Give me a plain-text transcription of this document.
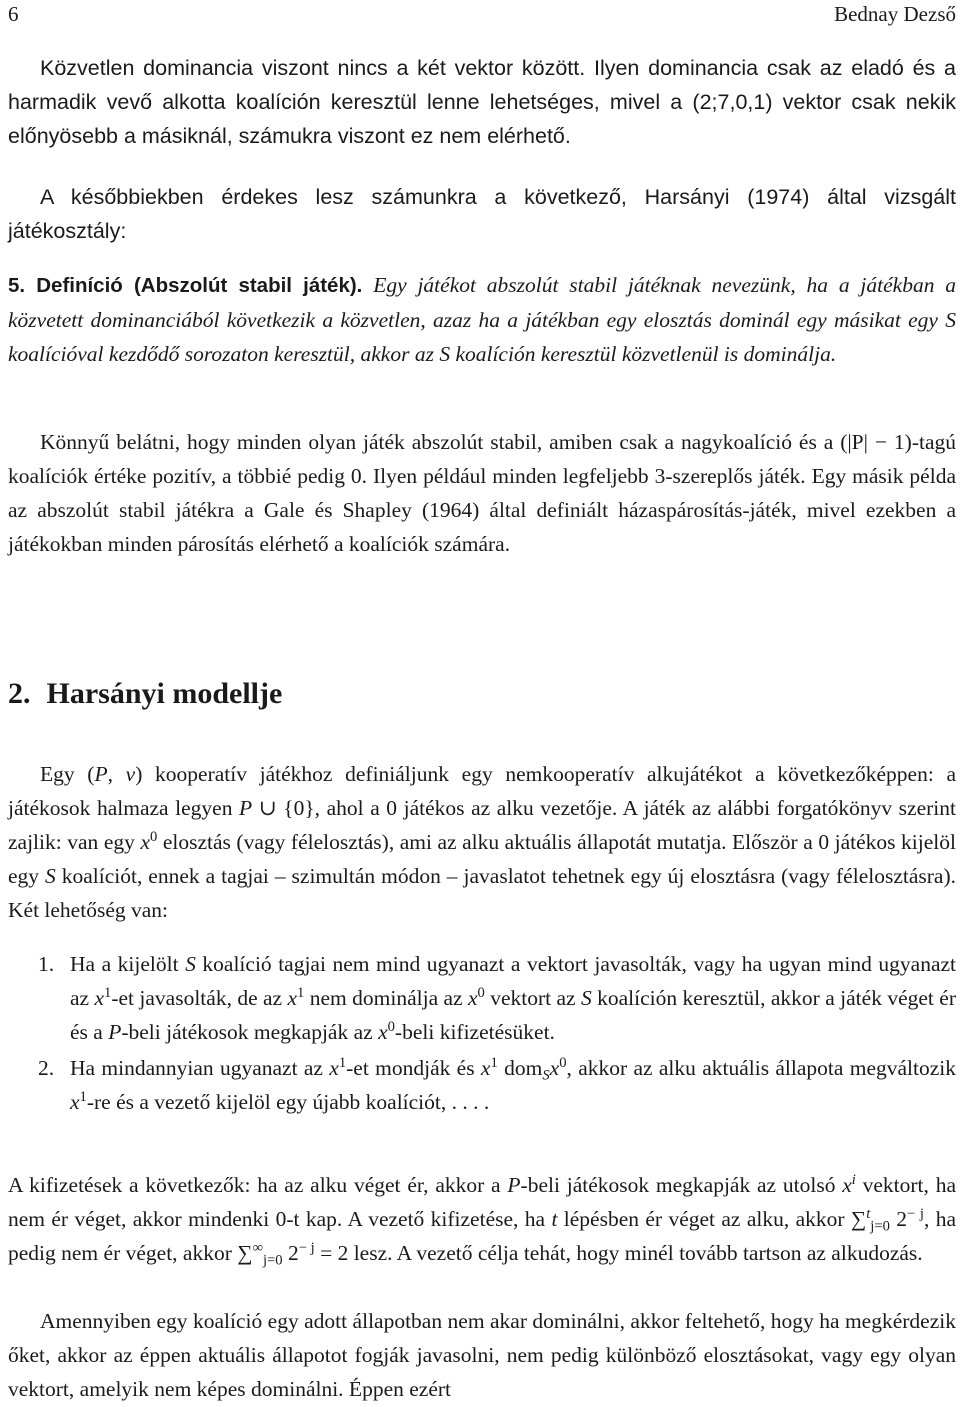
6	Bednay Dezső

Közvetlen dominancia viszont nincs a két vektor között. Ilyen dominancia csak az eladó és a harmadik vevő alkotta koalíción keresztül lenne lehetséges, mivel a (2;7,0,1) vektor csak nekik előnyösebb a másiknál, számukra viszont ez nem elérhető.

A későbbiekben érdekes lesz számunkra a következő, Harsányi (1974) által vizsgált játékosztály:

5. Definíció (Abszolút stabil játék). Egy játékot abszolút stabil játéknak nevezünk, ha a játékban a közvetett dominanciából következik a közvetlen, azaz ha a játékban egy elosztás dominál egy másikat egy S koalícióval kezdődő sorozaton keresztül, akkor az S koalíción keresztül közvetlenül is dominálja.

Könnyű belátni, hogy minden olyan játék abszolút stabil, amiben csak a nagykoalíció és a (|P| − 1)-tagú koalíciók értéke pozitív, a többié pedig 0. Ilyen például minden legfeljebb 3-szereplős játék. Egy másik példa az abszolút stabil játékra a Gale és Shapley (1964) által definiált házaspárosítás-játék, mivel ezekben a játékokban minden párosítás elérhető a koalíciók számára.

2. Harsányi modellje

Egy (P, v) kooperatív játékhoz definiáljunk egy nemkooperatív alkujátékot a következőképpen: a játékosok halmaza legyen P ∪ {0}, ahol a 0 játékos az alku vezetője. A játék az alábbi forgatókönyv szerint zajlik: van egy $x^0$ elosztás (vagy félelosztás), ami az alku aktuális állapotát mutatja. Először a 0 játékos kijelöl egy S koalíciót, ennek a tagjai – szimultán módon – javaslatot tehetnek egy új elosztásra (vagy félelosztásra). Két lehetőség van:

1. Ha a kijelölt S koalíció tagjai nem mind ugyanazt a vektort javasolták, vagy ha ugyan mind ugyanazt az $x^1-et$ javasolták, de az $x^1$ nem dominálja az $x^0$ vektort az S koalíción keresztül, akkor a játék véget ér és a P-beli játékosok megkapják az $x^0$-beli kifizetésüket.
2. Ha mindannyian ugyanazt az $x^1-et$ mondják és $x^1$ $dom_Sx^0$, akkor az alku aktuális állapota megváltozik $x^1-re$ és a vezető kijelöl egy újabb koalíciót, . . . .

A kifizetések a következők: ha az alku véget ér, akkor a P-beli játékosok megkapják az utolsó $x^i$ vektort, ha nem ér véget, akkor mindenki 0-t kap. A vezető kifizetése, ha t lépésben ér véget az alku, akkor ∑$^t_{j=0}$ $2^{- j}$, ha pedig nem ér véget, akkor $\sum^\infty_{j=0}$ $2^{- j} = 2$ lesz. A vezető célja tehát, hogy minél tovább tartson az alkudozás.

Amennyiben egy koalíció egy adott állapotban nem akar dominálni, akkor feltehető, hogy ha megkérdezik őket, akkor az éppen aktuális állapotot fogják javasolni, nem pedig különböző elosztásokat, vagy egy olyan vektort, amelyik nem képes dominálni. Éppen ezért
